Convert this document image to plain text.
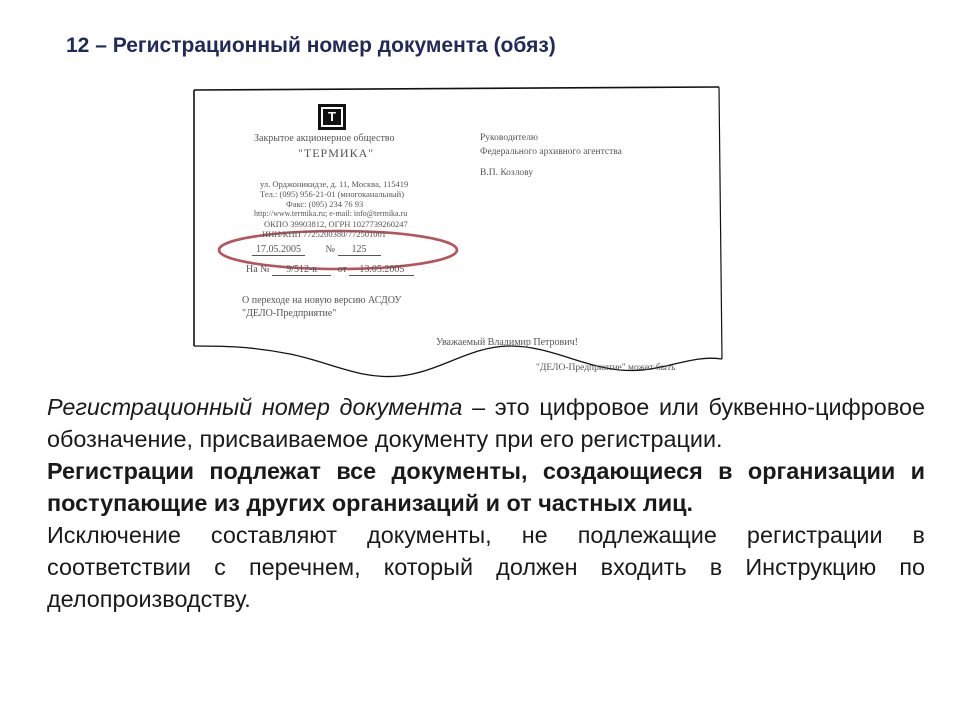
12 – Регистрационный номер документа (обяз)
Т
Закрытое акционерное общество
"ТЕРМИКА"
ул. Орджоникидзе, д. 11, Москва, 115419
Тел.: (095) 956-21-01 (многоканальный)
Факс: (095) 234 76 93
http://www.termika.ru; e-mail: info@termika.ru
ОКПО 39903812, ОГРН 1027739260247
ИНН/КПП 7725200380/772501001
17.05.2005 № 125
На № 9/512-к от 13.05.2005
О переходе на новую версию АСДОУ
"ДЕЛО-Предприятие"
Руководителю
Федерального архивного агентства
В.П. Козлову
Уважаемый Владимир Петрович!
"ДЕЛО-Предприятие" может быть

Регистрационный номер документа – это цифровое или буквенно-цифровое обозначение, присваиваемое документу при его регистрации.

Регистрации подлежат все документы, создающиеся в организации и поступающие из других организаций и от частных лиц.

Исключение составляют документы, не подлежащие регистрации в соответствии с перечнем, который должен входить в Инструкцию по делопроизводству.
